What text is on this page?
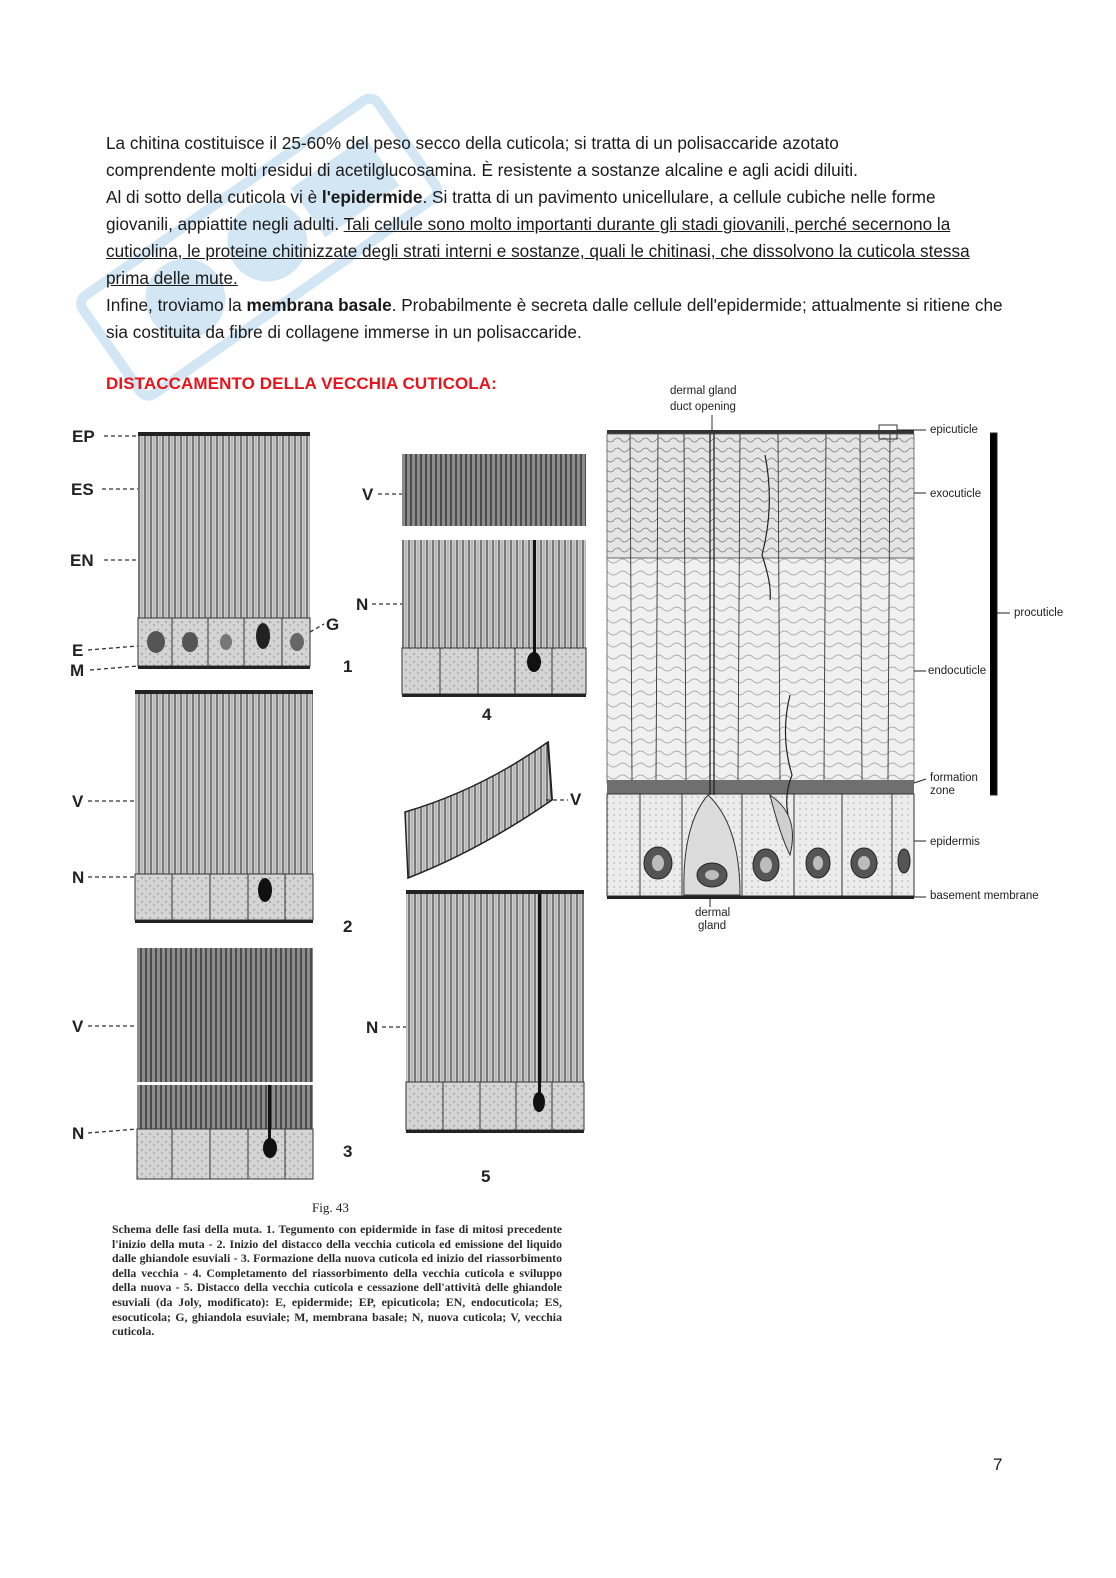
La chitina costituisce il 25-60% del peso secco della cuticola; si tratta di un polisaccaride azotato
comprendente molti residui di acetilglucosamina. È resistente a sostanze alcaline e agli acidi diluiti.

Al di sotto della cuticola vi è l'epidermide. Si tratta di un pavimento unicellulare, a cellule cubiche nelle forme giovanili, appiattite negli adulti. Tali cellule sono molto importanti durante gli stadi giovanili, perché secernono la cuticolina, le proteine chitinizzate degli strati interni e sostanze, quali le chitinasi, che dissolvono la cuticola stessa prima delle mute.

Infine, troviamo la membrana basale. Probabilmente è secreta dalle cellule dell'epidermide; attualmente si ritiene che sia costituita da fibre di collagene immerse in un polisaccaride.

DISTACCAMENTO DELLA VECCHIA CUTICOLA:
EP
ES
EN
E
M
G
1
V
N
2
V
N
3
V
N
4
V
N
5
Fig. 43
Schema delle fasi della muta. 1. Tegumento con epidermide in fase di mitosi precedente l'inizio della muta - 2. Inizio del distacco della vecchia cuticola ed emissione del liquido dalle ghiandole esuviali - 3. Formazione della nuova cuticola ed inizio del riassorbimento della vecchia - 4. Completamento del riassorbimento della vecchia cuticola e sviluppo della nuova - 5. Distacco della vecchia cuticola e cessazione dell'attività delle ghiandole esuviali (da Joly, modificato): E, epidermide; EP, epicuticola; EN, endocuticola; ES, esocuticola; G, ghiandola esuviale; M, membrana basale; N, nuova cuticola; V, vecchia cuticola.
dermal gland
duct opening
epicuticle
exocuticle
procuticle
endocuticle
formation
zone
epidermis
basement membrane
dermal
gland
7
